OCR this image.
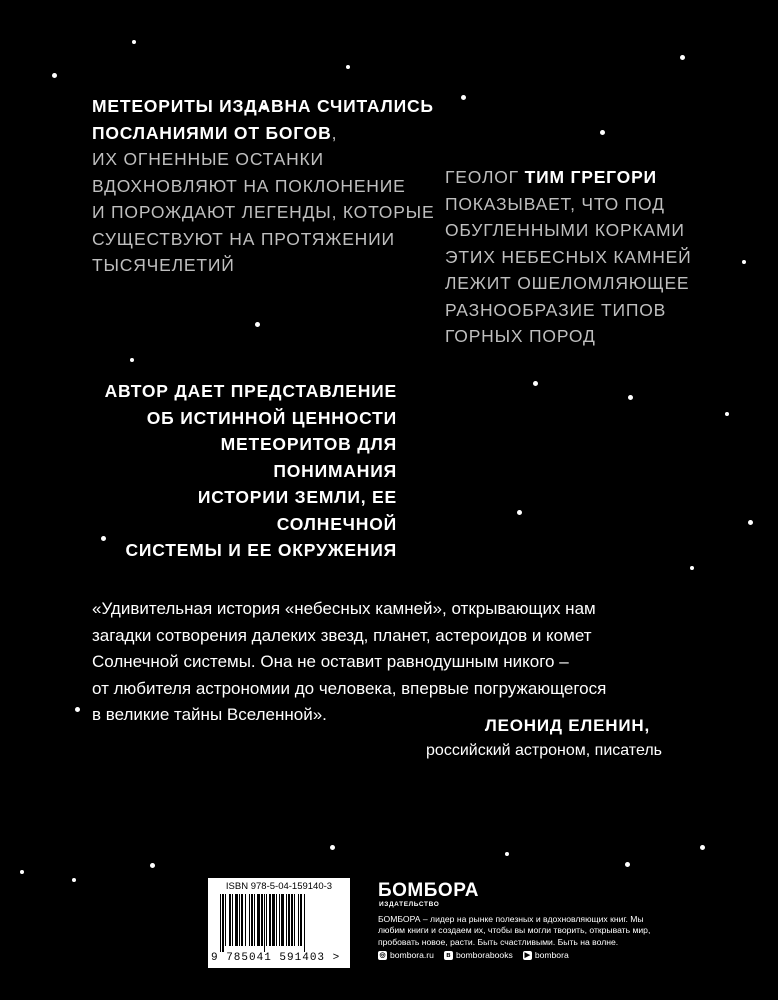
МЕТЕОРИТЫ ИЗДАВНА СЧИТАЛИСЬ
ПОСЛАНИЯМИ ОТ БОГОВ,
ИХ ОГНЕННЫЕ ОСТАНКИ
ВДОХНОВЛЯЮТ НА ПОКЛОНЕНИЕ
И ПОРОЖДАЮТ ЛЕГЕНДЫ, КОТОРЫЕ
СУЩЕСТВУЮТ НА ПРОТЯЖЕНИИ
ТЫСЯЧЕЛЕТИЙ
ГЕОЛОГ ТИМ ГРЕГОРИ
ПОКАЗЫВАЕТ, ЧТО ПОД
ОБУГЛЕННЫМИ КОРКАМИ
ЭТИХ НЕБЕСНЫХ КАМНЕЙ
ЛЕЖИТ ОШЕЛОМЛЯЮЩЕЕ
РАЗНООБРАЗИЕ ТИПОВ
ГОРНЫХ ПОРОД
АВТОР ДАЕТ ПРЕДСТАВЛЕНИЕ
ОБ ИСТИННОЙ ЦЕННОСТИ
МЕТЕОРИТОВ ДЛЯ ПОНИМАНИЯ
ИСТОРИИ ЗЕМЛИ, ЕЕ СОЛНЕЧНОЙ
СИСТЕМЫ И ЕЕ ОКРУЖЕНИЯ
«Удивительная история «небесных камней», открывающих нам
загадки сотворения далеких звезд, планет, астероидов и комет
Солнечной системы. Она не оставит равнодушным никого –
от любителя астрономии до человека, впервые погружающегося
в великие тайны Вселенной».
ЛЕОНИД ЕЛЕНИН,
российский астроном, писатель
ISBN 978-5-04-159140-3
9 785041 591403 >
БОМБОРА
ИЗДАТЕЛЬСТВО
БОМБОРА – лидер на рынке полезных и вдохновляющих книг. Мы любим книги и создаем их, чтобы вы могли творить, открывать мир, пробовать новое, расти. Быть счастливыми. Быть на волне.
◎ bombora.ru	в bomborabooks ▶ bombora
